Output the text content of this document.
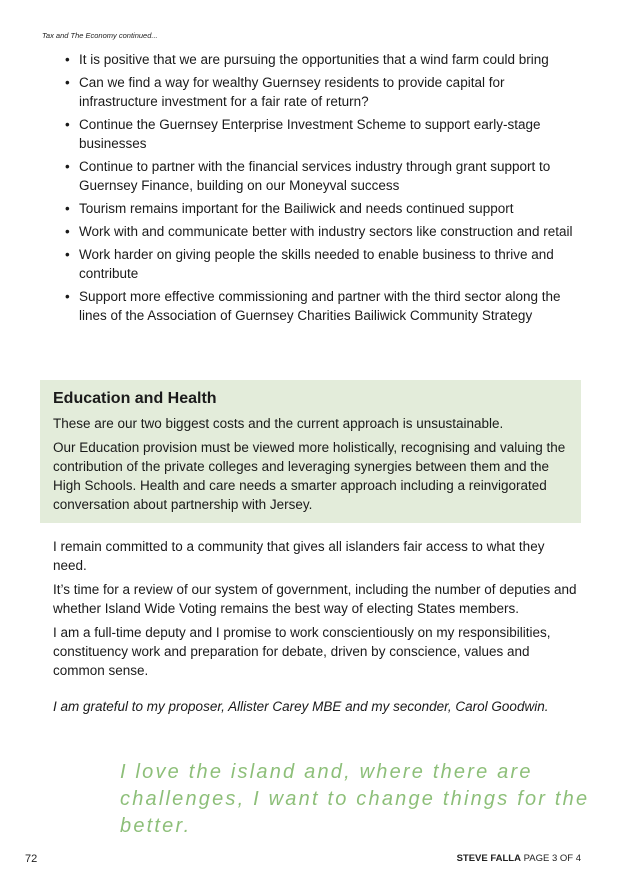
Tax and The Economy continued...
• It is positive that we are pursuing the opportunities that a wind farm could bring
• Can we find a way for wealthy Guernsey residents to provide capital for infrastructure investment for a fair rate of return?
• Continue the Guernsey Enterprise Investment Scheme to support early-stage businesses
• Continue to partner with the financial services industry through grant support to Guernsey Finance, building on our Moneyval success
• Tourism remains important for the Bailiwick and needs continued support
• Work with and communicate better with industry sectors like construction and retail
• Work harder on giving people the skills needed to enable business to thrive and contribute
• Support more effective commissioning and partner with the third sector along the lines of the Association of Guernsey Charities Bailiwick Community Strategy
Education and Health

These are our two biggest costs and the current approach is unsustainable.

Our Education provision must be viewed more holistically, recognising and valuing the contribution of the private colleges and leveraging synergies between them and the High Schools. Health and care needs a smarter approach including a reinvigorated conversation about partnership with Jersey.

I remain committed to a community that gives all islanders fair access to what they need.

It’s time for a review of our system of government, including the number of deputies and whether Island Wide Voting remains the best way of electing States members.

I am a full-time deputy and I promise to work conscientiously on my responsibilities, constituency work and preparation for debate, driven by conscience, values and common sense.

I am grateful to my proposer, Allister Carey MBE and my seconder, Carol Goodwin.

I love the island and, where there are challenges, I want to change things for the better.
72	STEVE FALLA PAGE 3 OF 4
